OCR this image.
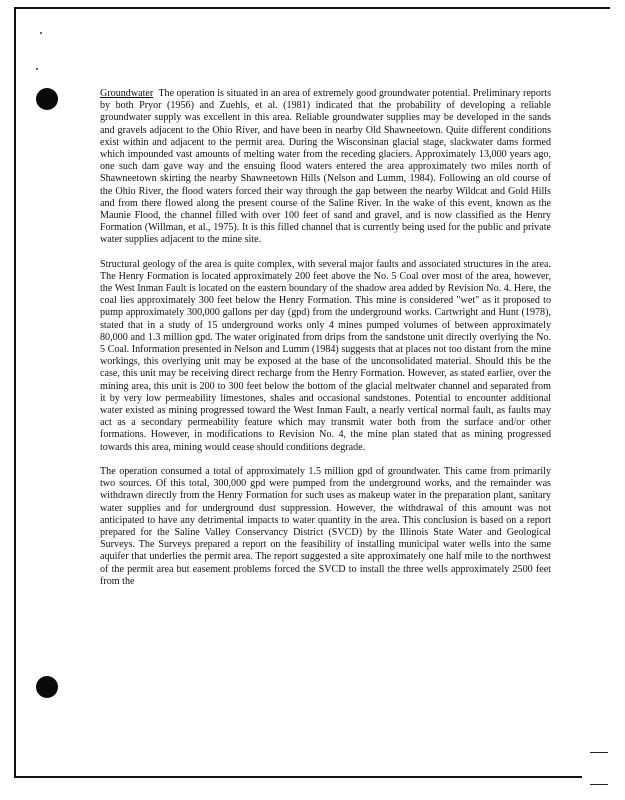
Groundwater The operation is situated in an area of extremely good groundwater potential. Preliminary reports by both Pryor (1956) and Zuehls, et al. (1981) indicated that the probability of developing a reliable groundwater supply was excellent in this area. Reliable groundwater supplies may be developed in the sands and gravels adjacent to the Ohio River, and have been in nearby Old Shawneetown. Quite different conditions exist within and adjacent to the permit area. During the Wisconsinan glacial stage, slackwater dams formed which impounded vast amounts of melting water from the receding glaciers. Approximately 13,000 years ago, one such dam gave way and the ensuing flood waters entered the area approximately two miles north of Shawneetown skirting the nearby Shawneetown Hills (Nelson and Lumm, 1984). Following an old course of the Ohio River, the flood waters forced their way through the gap between the nearby Wildcat and Gold Hills and from there flowed along the present course of the Saline River. In the wake of this event, known as the Maunie Flood, the channel filled with over 100 feet of sand and gravel, and is now classified as the Henry Formation (Willman, et al., 1975). It is this filled channel that is currently being used for the public and private water supplies adjacent to the mine site.

Structural geology of the area is quite complex, with several major faults and associated structures in the area. The Henry Formation is located approximately 200 feet above the No. 5 Coal over most of the area, however, the West Inman Fault is located on the eastern boundary of the shadow area added by Revision No. 4. Here, the coal lies approximately 300 feet below the Henry Formation. This mine is considered "wet" as it proposed to pump approximately 300,000 gallons per day (gpd) from the underground works. Cartwright and Hunt (1978), stated that in a study of 15 underground works only 4 mines pumped volumes of between approximately 80,000 and 1.3 million gpd. The water originated from drips from the sandstone unit directly overlying the No. 5 Coal. Information presented in Nelson and Lumm (1984) suggests that at places not too distant from the mine workings, this overlying unit may be exposed at the base of the unconsolidated material. Should this be the case, this unit may be receiving direct recharge from the Henry Formation. However, as stated earlier, over the mining area, this unit is 200 to 300 feet below the bottom of the glacial meltwater channel and separated from it by very low permeability limestones, shales and occasional sandstones. Potential to encounter additional water existed as mining progressed toward the West Inman Fault, a nearly vertical normal fault, as faults may act as a secondary permeability feature which may transmit water both from the surface and/or other formations. However, in modifications to Revision No. 4, the mine plan stated that as mining progressed towards this area, mining would cease should conditions degrade.

The operation consumed a total of approximately 1.5 million gpd of groundwater. This came from primarily two sources. Of this total, 300,000 gpd were pumped from the underground works, and the remainder was withdrawn directly from the Henry Formation for such uses as makeup water in the preparation plant, sanitary water supplies and for underground dust suppression. However, the withdrawal of this amount was not anticipated to have any detrimental impacts to water quantity in the area. This conclusion is based on a report prepared for the Saline Valley Conservancy District (SVCD) by the Illinois State Water and Geological Surveys. The Surveys prepared a report on the feasibility of installing municipal water wells into the same aquifer that underlies the permit area. The report suggested a site approximately one half mile to the northwest of the permit area but easement problems forced the SVCD to install the three wells approximately 2500 feet from the
